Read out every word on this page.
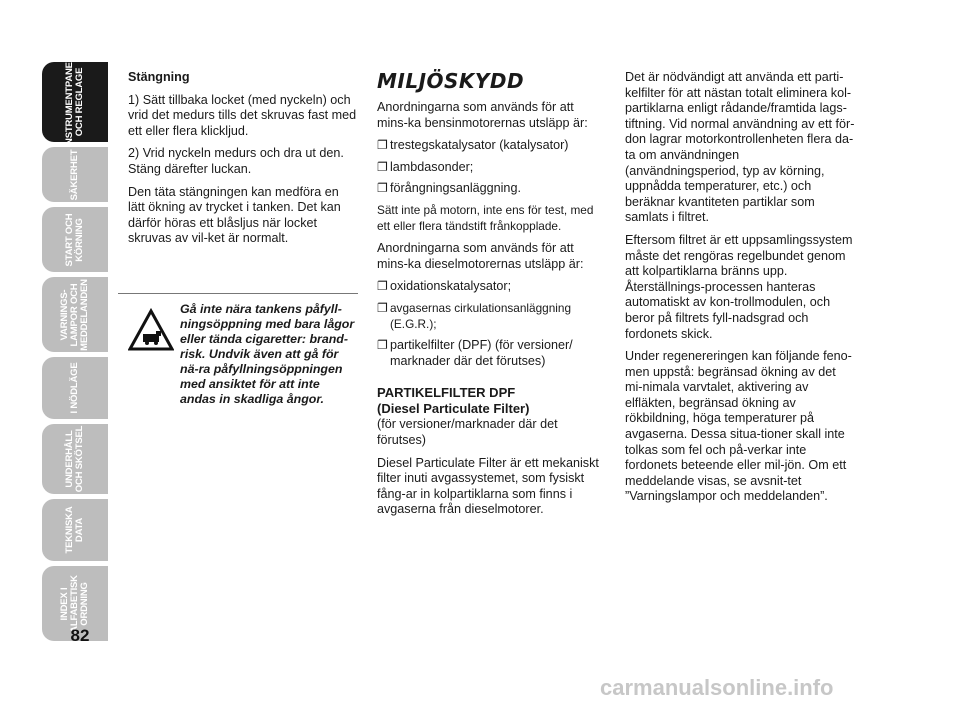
INSTRUMENTPANEL
OCH REGLAGE
SÄKERHET
START OCH
KÖRNING
VARNINGS-
LAMPOR OCH
MEDDELANDEN
I NÖDLÄGE
UNDERHÅLL
OCH SKÖTSEL
TEKNISKA
DATA
INDEX I
ALFABETISK
ORDNING
82

Stängning

1) Sätt tillbaka locket (med nyckeln) och vrid det medurs tills det skruvas fast med ett eller flera klickljud.

2) Vrid nyckeln medurs och dra ut den. Stäng därefter luckan.

Den täta stängningen kan medföra en lätt ökning av trycket i tanken. Det kan därför höras ett blåsljus när locket skruvas av vil-ket är normalt.

Gå inte nära tankens påfyll-ningsöppning med bara lågor eller tända cigaretter: brand-risk. Undvik även att gå för nä-ra påfyllningsöppningen med ansiktet för att inte andas in skadliga ångor.
MILJÖSKYDD

Anordningarna som används för att mins-ka bensinmotorernas utsläpp är:

❐ trestegskatalysator (katalysator)
❐ lambdasonder;
❐ förångningsanläggning.

Sätt inte på motorn, inte ens för test, med ett eller flera tändstift frånkopplade.

Anordningarna som används för att mins-ka dieselmotorernas utsläpp är:

❐ oxidationskatalysator;
❐ avgasernas cirkulationsanläggning (E.G.R.);
❐ partikelfilter (DPF) (för versioner/ marknader där det förutses)
PARTIKELFILTER DPF
(Diesel Particulate Filter)

(för versioner/marknader där det förutses)

Diesel Particulate Filter är ett mekaniskt filter inuti avgassystemet, som fysiskt fång-ar in kolpartiklarna som finns i avgaserna från dieselmotorer.

Det är nödvändigt att använda ett parti-kelfilter för att nästan totalt eliminera kol-partiklarna enligt rådande/framtida lags-tiftning. Vid normal användning av ett för-don lagrar motorkontrollenheten flera da-ta om användningen (användningsperiod, typ av körning, uppnådda temperaturer, etc.) och beräknar kvantiteten partiklar som samlats i filtret.

Eftersom filtret är ett uppsamlingssystem måste det rengöras regelbundet genom att kolpartiklarna bränns upp. Återställnings-processen hanteras automatiskt av kon-trollmodulen, och beror på filtrets fyll-nadsgrad och fordonets skick.

Under regenereringen kan följande feno-men uppstå: begränsad ökning av det mi-nimala varvtalet, aktivering av elfläkten, begränsad ökning av rökbildning, höga temperaturer på avgaserna. Dessa situa-tioner skall inte tolkas som fel och på-verkar inte fordonets beteende eller mil-jön. Om ett meddelande visas, se avsnit-tet ”Varningslampor och meddelanden”.

carmanualsonline.info
